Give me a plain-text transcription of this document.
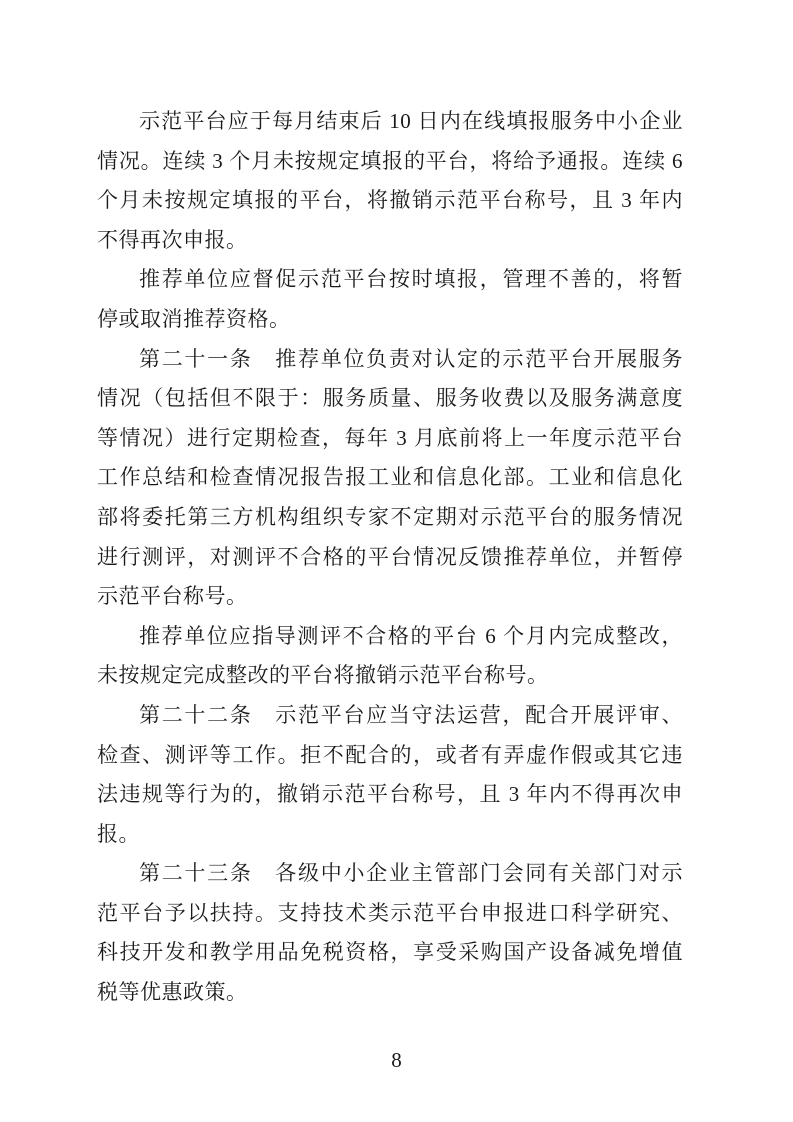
示范平台应于每月结束后 10 日内在线填报服务中小企业
情况。连续 3 个月未按规定填报的平台，将给予通报。连续 6
个月未按规定填报的平台，将撤销示范平台称号，且 3 年内
不得再次申报。
推荐单位应督促示范平台按时填报，管理不善的，将暂
停或取消推荐资格。
第二十一条　推荐单位负责对认定的示范平台开展服务
情况（包括但不限于：服务质量、服务收费以及服务满意度
等情况）进行定期检查，每年 3 月底前将上一年度示范平台
工作总结和检查情况报告报工业和信息化部。工业和信息化
部将委托第三方机构组织专家不定期对示范平台的服务情况
进行测评，对测评不合格的平台情况反馈推荐单位，并暂停
示范平台称号。
推荐单位应指导测评不合格的平台 6 个月内完成整改，
未按规定完成整改的平台将撤销示范平台称号。
第二十二条　示范平台应当守法运营，配合开展评审、
检查、测评等工作。拒不配合的，或者有弄虚作假或其它违
法违规等行为的，撤销示范平台称号，且 3 年内不得再次申
报。
第二十三条　各级中小企业主管部门会同有关部门对示
范平台予以扶持。支持技术类示范平台申报进口科学研究、
科技开发和教学用品免税资格，享受采购国产设备减免增值
税等优惠政策。
8
